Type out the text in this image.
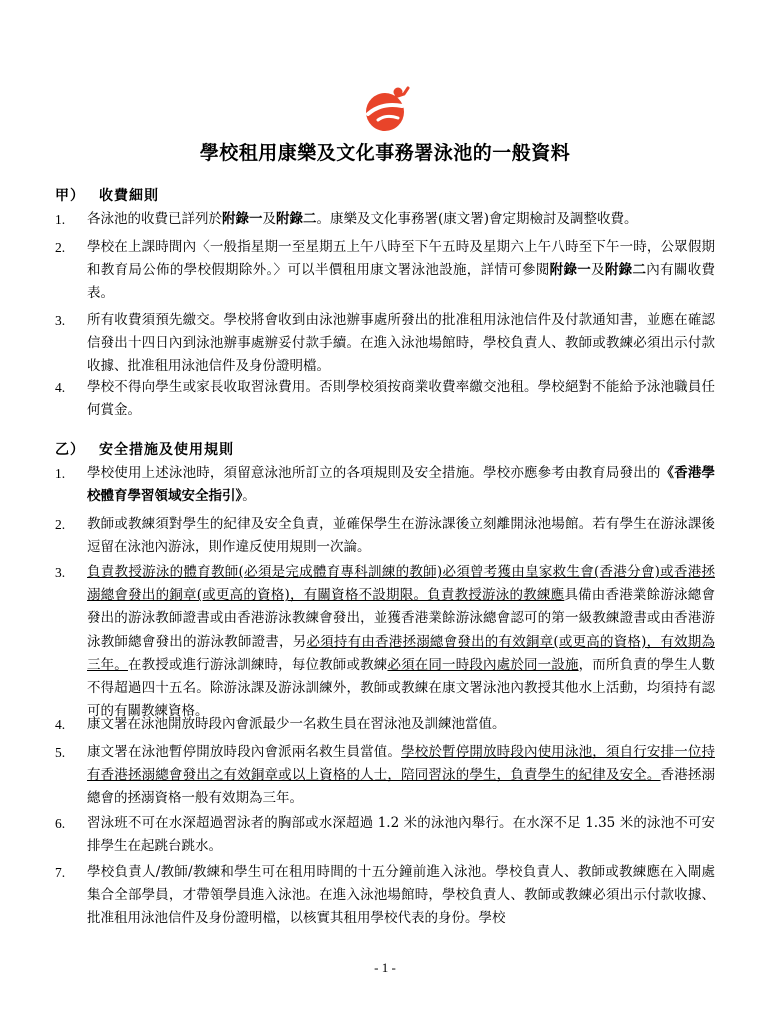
學校租用康樂及文化事務署泳池的一般資料
甲） 收費細則
1. 各泳池的收費已詳列於附錄一及附錄二。康樂及文化事務署(康文署)會定期檢討及調整收費。
2. 學校在上課時間內〈一般指星期一至星期五上午八時至下午五時及星期六上午八時至下午一時，公眾假期和教育局公佈的學校假期除外。〉可以半價租用康文署泳池設施，詳情可參閱附錄一及附錄二內有關收費表。
3. 所有收費須預先繳交。學校將會收到由泳池辦事處所發出的批准租用泳池信件及付款通知書，並應在確認信發出十四日內到泳池辦事處辦妥付款手續。在進入泳池場館時，學校負責人、教師或教練必須出示付款收據、批准租用泳池信件及身份證明檔。
4. 學校不得向學生或家長收取習泳費用。否則學校須按商業收費率繳交池租。學校絕對不能給予泳池職員任何賞金。
乙） 安全措施及使用規則
1. 學校使用上述泳池時，須留意泳池所訂立的各項規則及安全措施。學校亦應參考由教育局發出的《香港學校體育學習領域安全指引》。
2. 教師或教練須對學生的紀律及安全負責，並確保學生在游泳課後立刻離開泳池場館。若有學生在游泳課後逗留在泳池內游泳，則作違反使用規則一次論。
3. 負責教授游泳的體育教師(必須是完成體育專科訓練的教師)必須曾考獲由皇家救生會(香港分會)或香港拯溺總會發出的銅章(或更高的資格)，有關資格不設期限。負責教授游泳的教練應具備由香港業餘游泳總會發出的游泳教師證書或由香港游泳教練會發出，並獲香港業餘游泳總會認可的第一級教練證書或由香港游泳教師總會發出的游泳教師證書，另必須持有由香港拯溺總會發出的有效銅章(或更高的資格)，有效期為三年。在教授或進行游泳訓練時，每位教師或教練必須在同一時段內處於同一設施，而所負責的學生人數不得超過四十五名。除游泳課及游泳訓練外，教師或教練在康文署泳池內教授其他水上活動，均須持有認可的有關教練資格。
4. 康文署在泳池開放時段內會派最少一名救生員在習泳池及訓練池當值。
5. 康文署在泳池暫停開放時段內會派兩名救生員當值。學校於暫停開放時段內使用泳池，須自行安排一位持有香港拯溺總會發出之有效銅章或以上資格的人士，陪同習泳的學生，負責學生的紀律及安全。香港拯溺總會的拯溺資格一般有效期為三年。
6. 習泳班不可在水深超過習泳者的胸部或水深超過 1.2 米的泳池內舉行。在水深不足 1.35 米的泳池不可安排學生在起跳台跳水。
7. 學校負責人/教師/教練和學生可在租用時間的十五分鐘前進入泳池。學校負責人、教師或教練應在入閘處集合全部學員，才帶領學員進入泳池。在進入泳池場館時，學校負責人、教師或教練必須出示付款收據、批准租用泳池信件及身份證明檔，以核實其租用學校代表的身份。學校
- 1 -
